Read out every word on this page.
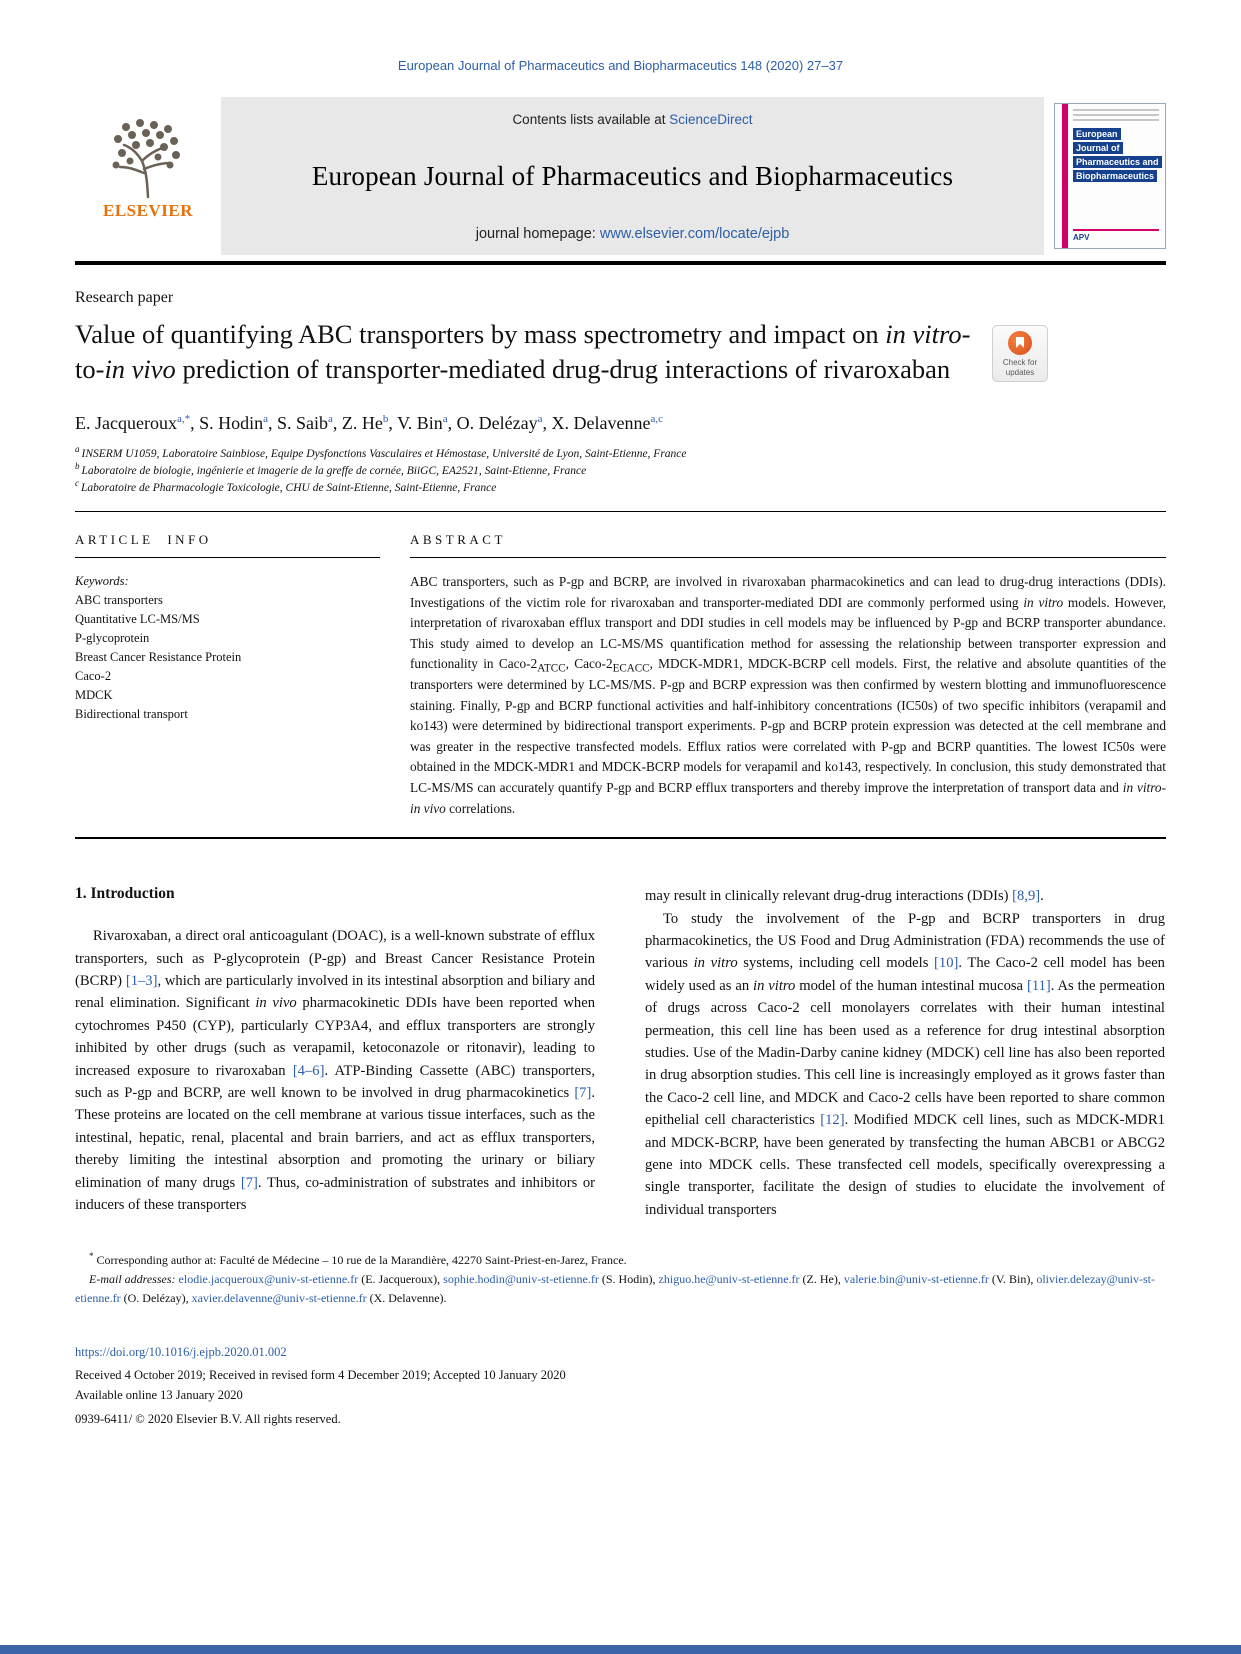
European Journal of Pharmaceutics and Biopharmaceutics 148 (2020) 27–37
ELSEVIER
Contents lists available at ScienceDirect
European Journal of Pharmaceutics and Biopharmaceutics
journal homepage: www.elsevier.com/locate/ejpb
European
Journal of
Pharmaceutics and
Biopharmaceutics
APV
Research paper
Value of quantifying ABC transporters by mass spectrometry and impact on in vitro-to-in vivo prediction of transporter-mediated drug-drug interactions of rivaroxaban	Check for
updates
E. Jacqueroux$^{a,*}$, S. Hodin$^a$, S. Saib$^a$, Z. He$^b$, V. Bin$^a$, O. Delézay$^a$, X. Delavenne$^{a,c}$
$^a$ INSERM U1059, Laboratoire Sainbiose, Equipe Dysfonctions Vasculaires et Hémostase, Université de Lyon, Saint-Etienne, France
$^b$ Laboratoire de biologie, ingénierie et imagerie de la greffe de cornée, BiiGC, EA2521, Saint-Etienne, France
$^c$ Laboratoire de Pharmacologie Toxicologie, CHU de Saint-Etienne, Saint-Etienne, France
ARTICLE INFO
Keywords:
ABC transporters
Quantitative LC-MS/MS
P-glycoprotein
Breast Cancer Resistance Protein
Caco-2
MDCK
Bidirectional transport
ABSTRACT

ABC transporters, such as P-gp and BCRP, are involved in rivaroxaban pharmacokinetics and can lead to drug-drug interactions (DDIs). Investigations of the victim role for rivaroxaban and transporter-mediated DDI are commonly performed using in vitro models. However, interpretation of rivaroxaban efflux transport and DDI studies in cell models may be influenced by P-gp and BCRP transporter abundance. This study aimed to develop an LC-MS/MS quantification method for assessing the relationship between transporter expression and functionality in Caco-$2_{ATCC}$, Caco-$2_{ECACC}$, MDCK-MDR1, MDCK-BCRP cell models. First, the relative and absolute quantities of the transporters were determined by LC-MS/MS. P-gp and BCRP expression was then confirmed by western blotting and immunofluorescence staining. Finally, P-gp and BCRP functional activities and half-inhibitory concentrations (IC50s) of two specific inhibitors (verapamil and ko143) were determined by bidirectional transport experiments. P-gp and BCRP protein expression was detected at the cell membrane and was greater in the respective transfected models. Efflux ratios were correlated with P-gp and BCRP quantities. The lowest IC50s were obtained in the MDCK-MDR1 and MDCK-BCRP models for verapamil and ko143, respectively. In conclusion, this study demonstrated that LC-MS/MS can accurately quantify P-gp and BCRP efflux transporters and thereby improve the interpretation of transport data and in vitro-in vivo correlations.

1. Introduction

Rivaroxaban, a direct oral anticoagulant (DOAC), is a well-known substrate of efflux transporters, such as P-glycoprotein (P-gp) and Breast Cancer Resistance Protein (BCRP) [1–3], which are particularly involved in its intestinal absorption and biliary and renal elimination. Significant in vivo pharmacokinetic DDIs have been reported when cytochromes P450 (CYP), particularly CYP3A4, and efflux transporters are strongly inhibited by other drugs (such as verapamil, ketoconazole or ritonavir), leading to increased exposure to rivaroxaban [4–6]. ATP-Binding Cassette (ABC) transporters, such as P-gp and BCRP, are well known to be involved in drug pharmacokinetics [7]. These proteins are located on the cell membrane at various tissue interfaces, such as the intestinal, hepatic, renal, placental and brain barriers, and act as efflux transporters, thereby limiting the intestinal absorption and promoting the urinary or biliary elimination of many drugs [7]. Thus, co-administration of substrates and inhibitors or inducers of these transporters

may result in clinically relevant drug-drug interactions (DDIs) [8,9].

To study the involvement of the P-gp and BCRP transporters in drug pharmacokinetics, the US Food and Drug Administration (FDA) recommends the use of various in vitro systems, including cell models [10]. The Caco-2 cell model has been widely used as an in vitro model of the human intestinal mucosa [11]. As the permeation of drugs across Caco-2 cell monolayers correlates with their human intestinal permeation, this cell line has been used as a reference for drug intestinal absorption studies. Use of the Madin-Darby canine kidney (MDCK) cell line has also been reported in drug absorption studies. This cell line is increasingly employed as it grows faster than the Caco-2 cell line, and MDCK and Caco-2 cells have been reported to share common epithelial cell characteristics [12]. Modified MDCK cell lines, such as MDCK-MDR1 and MDCK-BCRP, have been generated by transfecting the human ABCB1 or ABCG2 gene into MDCK cells. These transfected cell models, specifically overexpressing a single transporter, facilitate the design of studies to elucidate the involvement of individual transporters

* Corresponding author at: Faculté de Médecine – 10 rue de la Marandière, 42270 Saint-Priest-en-Jarez, France.

E-mail addresses: elodie.jacqueroux@univ-st-etienne.fr (E. Jacqueroux), sophie.hodin@univ-st-etienne.fr (S. Hodin), zhiguo.he@univ-st-etienne.fr (Z. He), valerie.bin@univ-st-etienne.fr (V. Bin), olivier.delezay@univ-st-etienne.fr (O. Delézay), xavier.delavenne@univ-st-etienne.fr (X. Delavenne).

https://doi.org/10.1016/j.ejpb.2020.01.002
Received 4 October 2019; Received in revised form 4 December 2019; Accepted 10 January 2020
Available online 13 January 2020
0939-6411/ © 2020 Elsevier B.V. All rights reserved.
